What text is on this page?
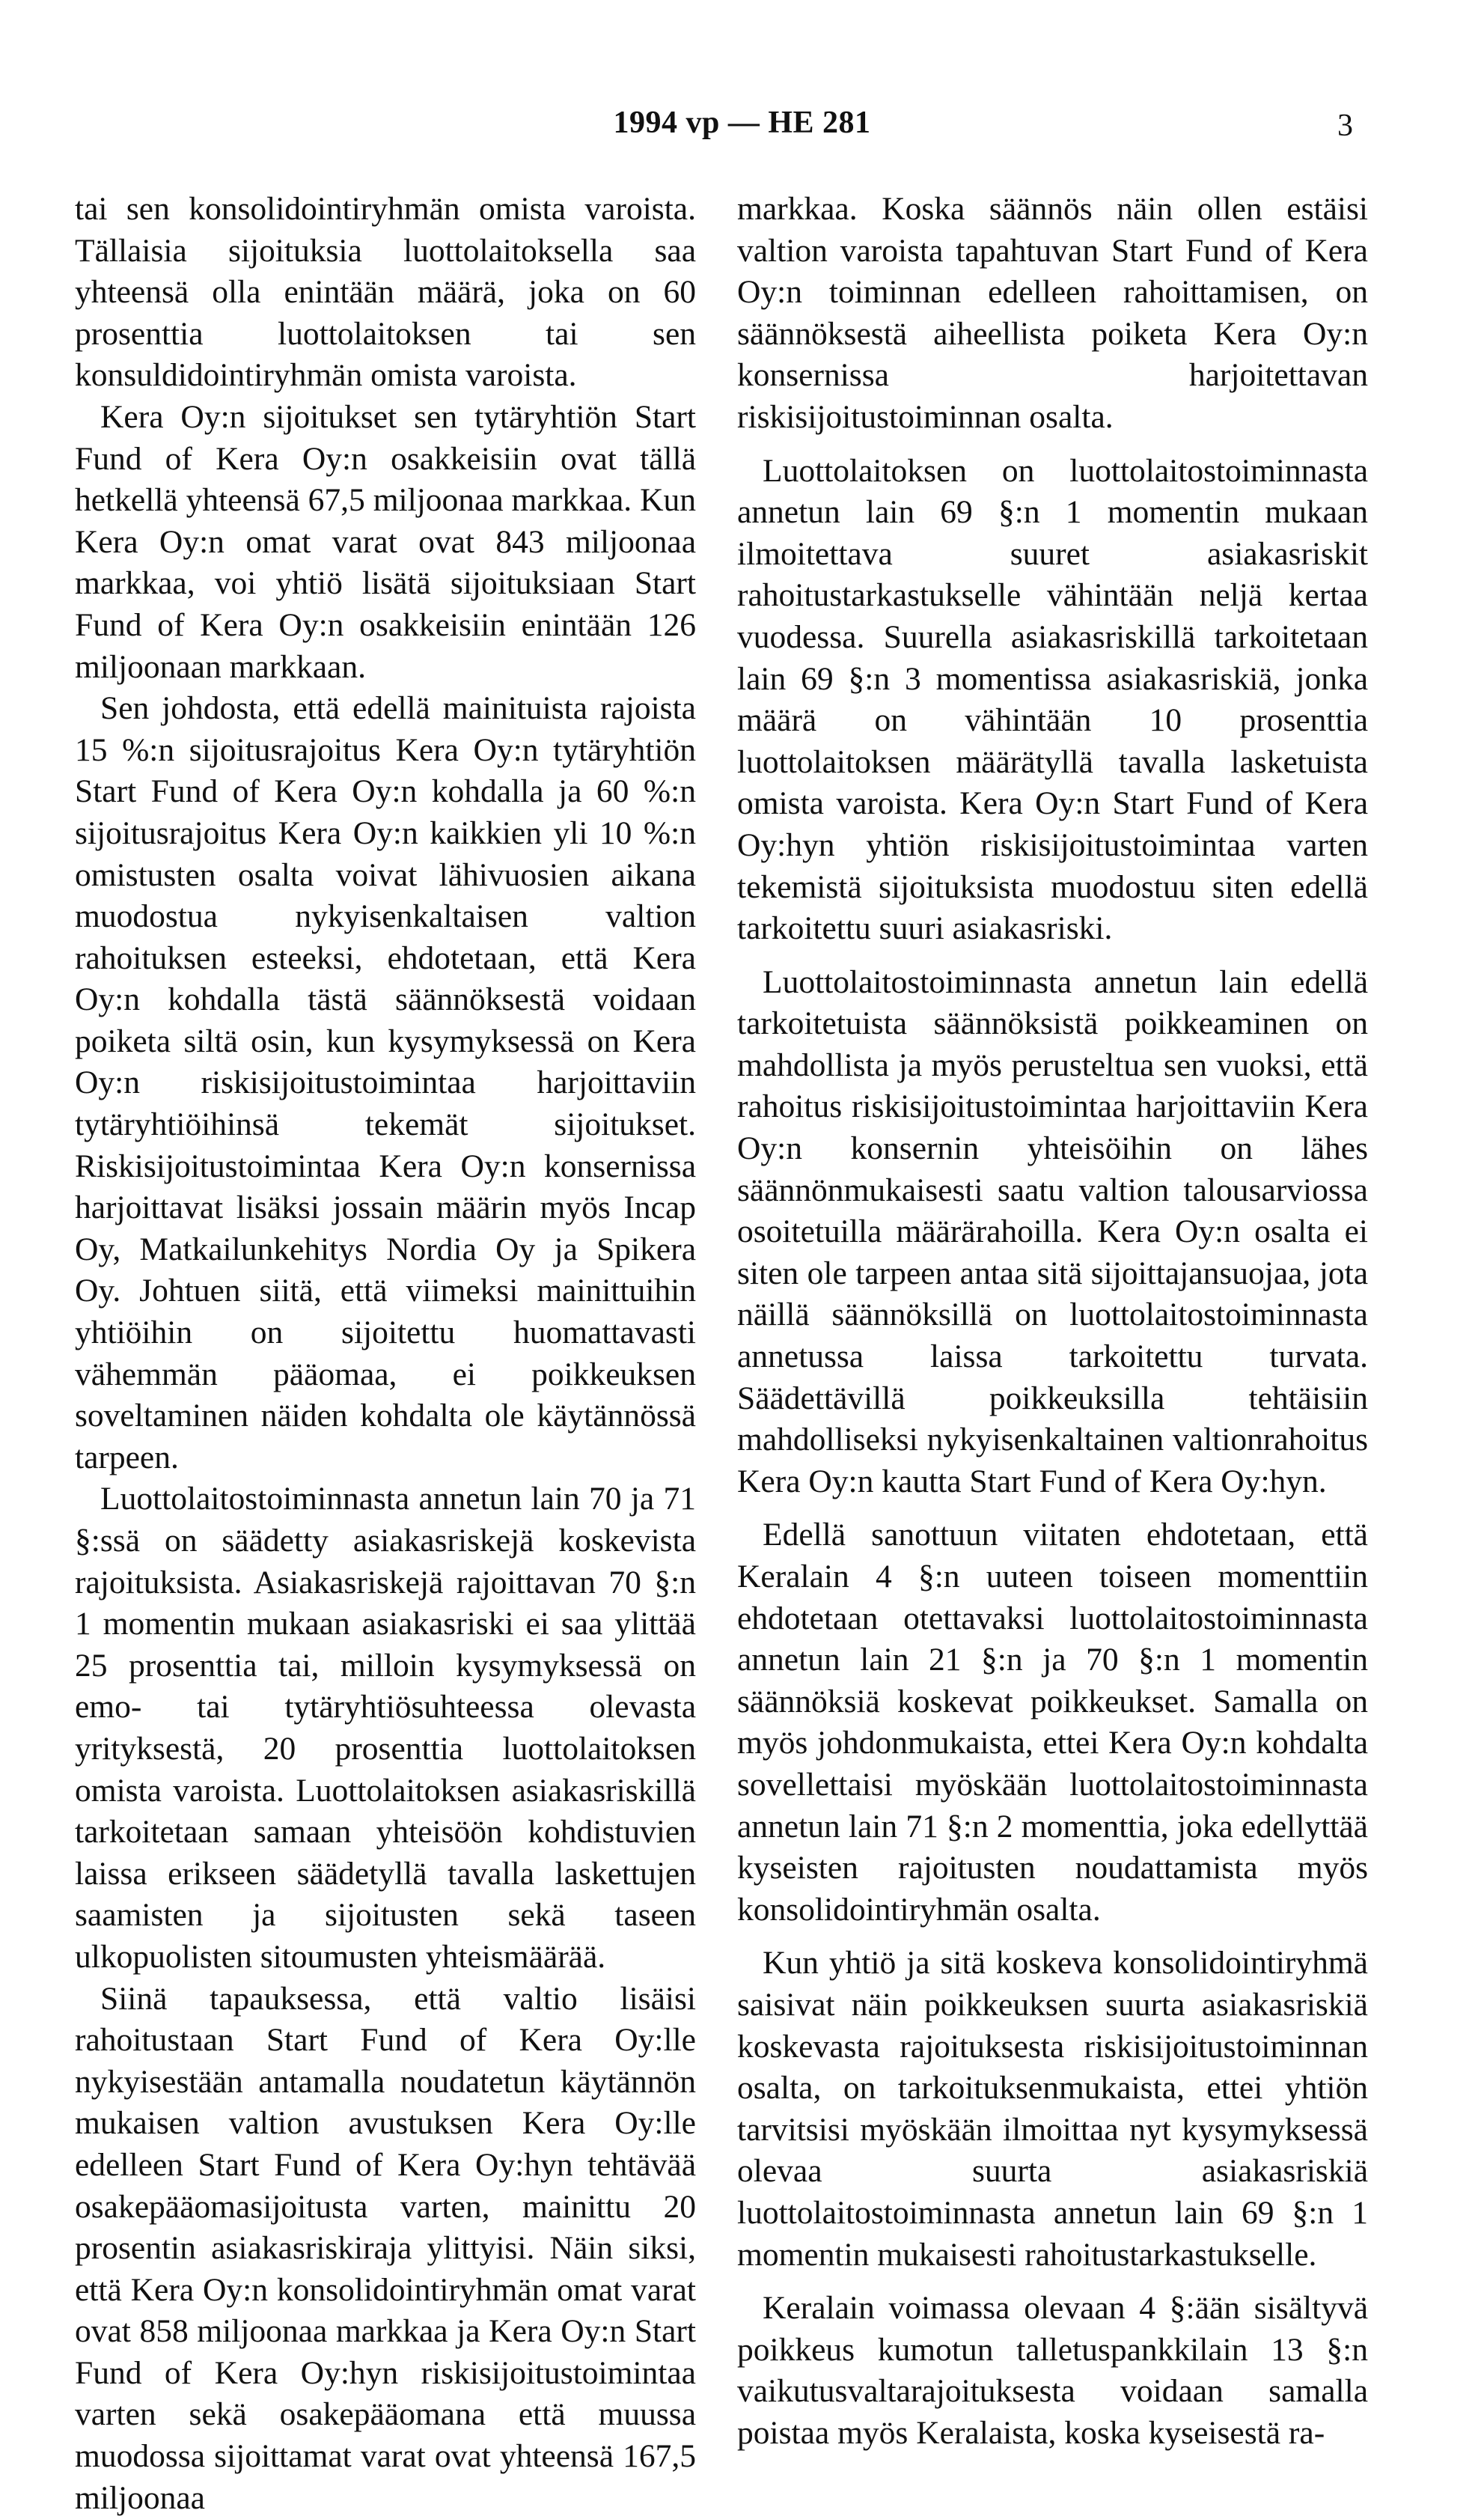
1994 vp — HE 281	3

tai sen konsolidointiryhmän omista varoista. Tällaisia sijoituksia luottolaitoksella saa yhteensä olla enintään määrä, joka on 60 prosenttia luottolaitoksen tai sen konsuldidointiryhmän omista varoista.

Kera Oy:n sijoitukset sen tytäryhtiön Start Fund of Kera Oy:n osakkeisiin ovat tällä hetkellä yhteensä 67,5 miljoonaa markkaa. Kun Kera Oy:n omat varat ovat 843 miljoonaa markkaa, voi yhtiö lisätä sijoituksiaan Start Fund of Kera Oy:n osakkeisiin enintään 126 miljoonaan markkaan.

Sen johdosta, että edellä mainituista rajoista 15 %:n sijoitusrajoitus Kera Oy:n tytäryhtiön Start Fund of Kera Oy:n kohdalla ja 60 %:n sijoitusrajoitus Kera Oy:n kaikkien yli 10 %:n omistusten osalta voivat lähivuosien aikana muodostua nykyisenkaltaisen valtion rahoituksen esteeksi, ehdotetaan, että Kera Oy:n kohdalla tästä säännöksestä voidaan poiketa siltä osin, kun kysymyksessä on Kera Oy:n riskisijoitustoimintaa harjoittaviin tytäryhtiöihinsä tekemät sijoitukset. Riskisijoitustoimintaa Kera Oy:n konsernissa harjoittavat lisäksi jossain määrin myös Incap Oy, Matkailunkehitys Nordia Oy ja Spikera Oy. Johtuen siitä, että viimeksi mainittuihin yhtiöihin on sijoitettu huomattavasti vähemmän pääomaa, ei poikkeuksen soveltaminen näiden kohdalta ole käytännössä tarpeen.

Luottolaitostoiminnasta annetun lain 70 ja 71 §:ssä on säädetty asiakasriskejä koskevista rajoituksista. Asiakasriskejä rajoittavan 70 §:n 1 momentin mukaan asiakasriski ei saa ylittää 25 prosenttia tai, milloin kysymyksessä on emo- tai tytäryhtiösuhteessa olevasta yrityksestä, 20 prosenttia luottolaitoksen omista varoista. Luottolaitoksen asiakasriskillä tarkoitetaan samaan yhteisöön kohdistuvien laissa erikseen säädetyllä tavalla laskettujen saamisten ja sijoitusten sekä taseen ulkopuolisten sitoumusten yhteismäärää.

Siinä tapauksessa, että valtio lisäisi rahoitustaan Start Fund of Kera Oy:lle nykyisestään antamalla noudatetun käytännön mukaisen valtion avustuksen Kera Oy:lle edelleen Start Fund of Kera Oy:hyn tehtävää osakepääomasijoitusta varten, mainittu 20 prosentin asiakasriskiraja ylittyisi. Näin siksi, että Kera Oy:n konsolidointiryhmän omat varat ovat 858 miljoonaa markkaa ja Kera Oy:n Start Fund of Kera Oy:hyn riskisijoitustoimintaa varten sekä osakepääomana että muussa muodossa sijoittamat varat ovat yhteensä 167,5 miljoonaa

markkaa. Koska säännös näin ollen estäisi valtion varoista tapahtuvan Start Fund of Kera Oy:n toiminnan edelleen rahoittamisen, on säännöksestä aiheellista poiketa Kera Oy:n konsernissa harjoitettavan riskisijoitustoiminnan osalta.

Luottolaitoksen on luottolaitostoiminnasta annetun lain 69 §:n 1 momentin mukaan ilmoitettava suuret asiakasriskit rahoitustarkastukselle vähintään neljä kertaa vuodessa. Suurella asiakasriskillä tarkoitetaan lain 69 §:n 3 momentissa asiakasriskiä, jonka määrä on vähintään 10 prosenttia luottolaitoksen määrätyllä tavalla lasketuista omista varoista. Kera Oy:n Start Fund of Kera Oy:hyn yhtiön riskisijoitustoimintaa varten tekemistä sijoituksista muodostuu siten edellä tarkoitettu suuri asiakasriski.

Luottolaitostoiminnasta annetun lain edellä tarkoitetuista säännöksistä poikkeaminen on mahdollista ja myös perusteltua sen vuoksi, että rahoitus riskisijoitustoimintaa harjoittaviin Kera Oy:n konsernin yhteisöihin on lähes säännönmukaisesti saatu valtion talousarviossa osoitetuilla määrärahoilla. Kera Oy:n osalta ei siten ole tarpeen antaa sitä sijoittajansuojaa, jota näillä säännöksillä on luottolaitostoiminnasta annetussa laissa tarkoitettu turvata. Säädettävillä poikkeuksilla tehtäisiin mahdolliseksi nykyisenkaltainen valtionrahoitus Kera Oy:n kautta Start Fund of Kera Oy:hyn.

Edellä sanottuun viitaten ehdotetaan, että Keralain 4 §:n uuteen toiseen momenttiin ehdotetaan otettavaksi luottolaitostoiminnasta annetun lain 21 §:n ja 70 §:n 1 momentin säännöksiä koskevat poikkeukset. Samalla on myös johdonmukaista, ettei Kera Oy:n kohdalta sovellettaisi myöskään luottolaitostoiminnasta annetun lain 71 §:n 2 momenttia, joka edellyttää kyseisten rajoitusten noudattamista myös konsolidointiryhmän osalta.

Kun yhtiö ja sitä koskeva konsolidointiryhmä saisivat näin poikkeuksen suurta asiakasriskiä koskevasta rajoituksesta riskisijoitustoiminnan osalta, on tarkoituksenmukaista, ettei yhtiön tarvitsisi myöskään ilmoittaa nyt kysymyksessä olevaa suurta asiakasriskiä luottolaitostoiminnasta annetun lain 69 §:n 1 momentin mukaisesti rahoitustarkastukselle.

Keralain voimassa olevaan 4 §:ään sisältyvä poikkeus kumotun talletuspankkilain 13 §:n vaikutusvaltarajoituksesta voidaan samalla poistaa myös Keralaista, koska kyseisestä ra-
